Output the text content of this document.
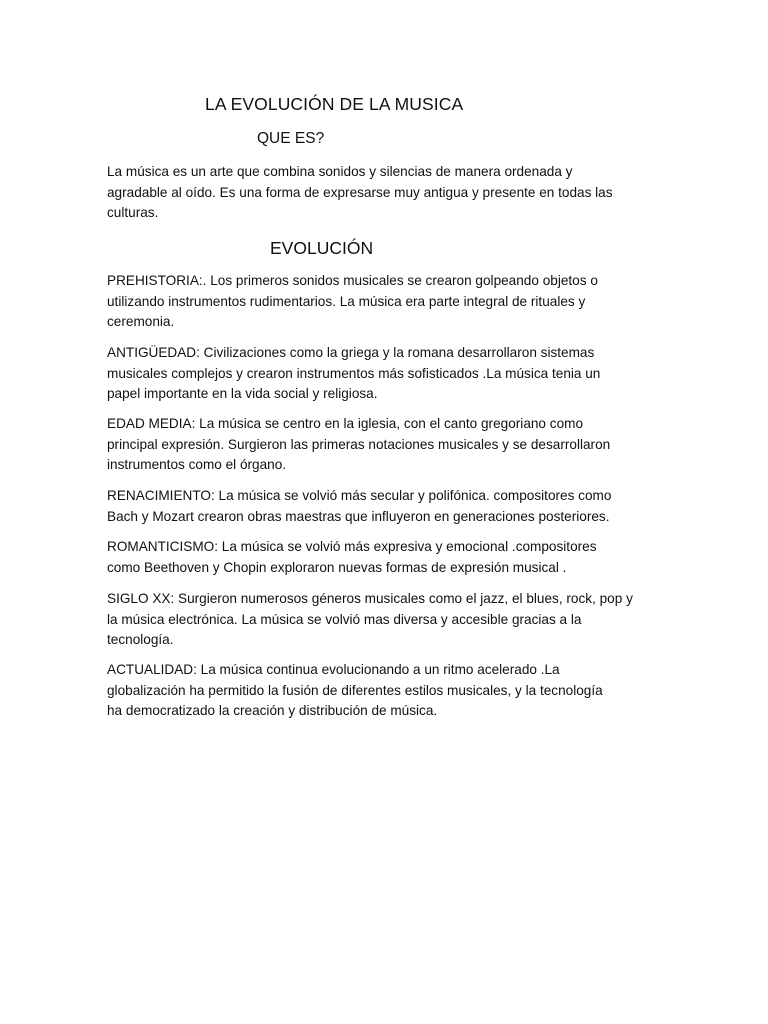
LA EVOLUCIÓN DE LA MUSICA
QUE ES?

La música es un arte que combina sonidos y silencias de manera ordenada y
agradable al oído. Es una forma de expresarse muy antigua y presente en todas las
culturas.

EVOLUCIÓN

PREHISTORIA:. Los primeros sonidos musicales se crearon golpeando objetos o
utilizando instrumentos rudimentarios. La música era parte integral de rituales y
ceremonia.

ANTIGÜEDAD: Civilizaciones como la griega y la romana desarrollaron sistemas
musicales complejos y crearon instrumentos más sofisticados .La música tenia un
papel importante en la vida social y religiosa.

EDAD MEDIA: La música se centro en la iglesia, con el canto gregoriano como
principal expresión. Surgieron las primeras notaciones musicales y se desarrollaron
instrumentos como el órgano.

RENACIMIENTO: La música se volvió más secular y polifónica. compositores como
Bach y Mozart crearon obras maestras que influyeron en generaciones posteriores.

ROMANTICISMO: La música se volvió más expresiva y emocional .compositores
como Beethoven y Chopin exploraron nuevas formas de expresión musical .

SIGLO XX: Surgieron numerosos géneros musicales como el jazz, el blues, rock, pop y
la música electrónica. La música se volvió mas diversa y accesible gracias a la
tecnología.

ACTUALIDAD: La música continua evolucionando a un ritmo acelerado .La
globalización ha permitido la fusión de diferentes estilos musicales, y la tecnología
ha democratizado la creación y distribución de música.
